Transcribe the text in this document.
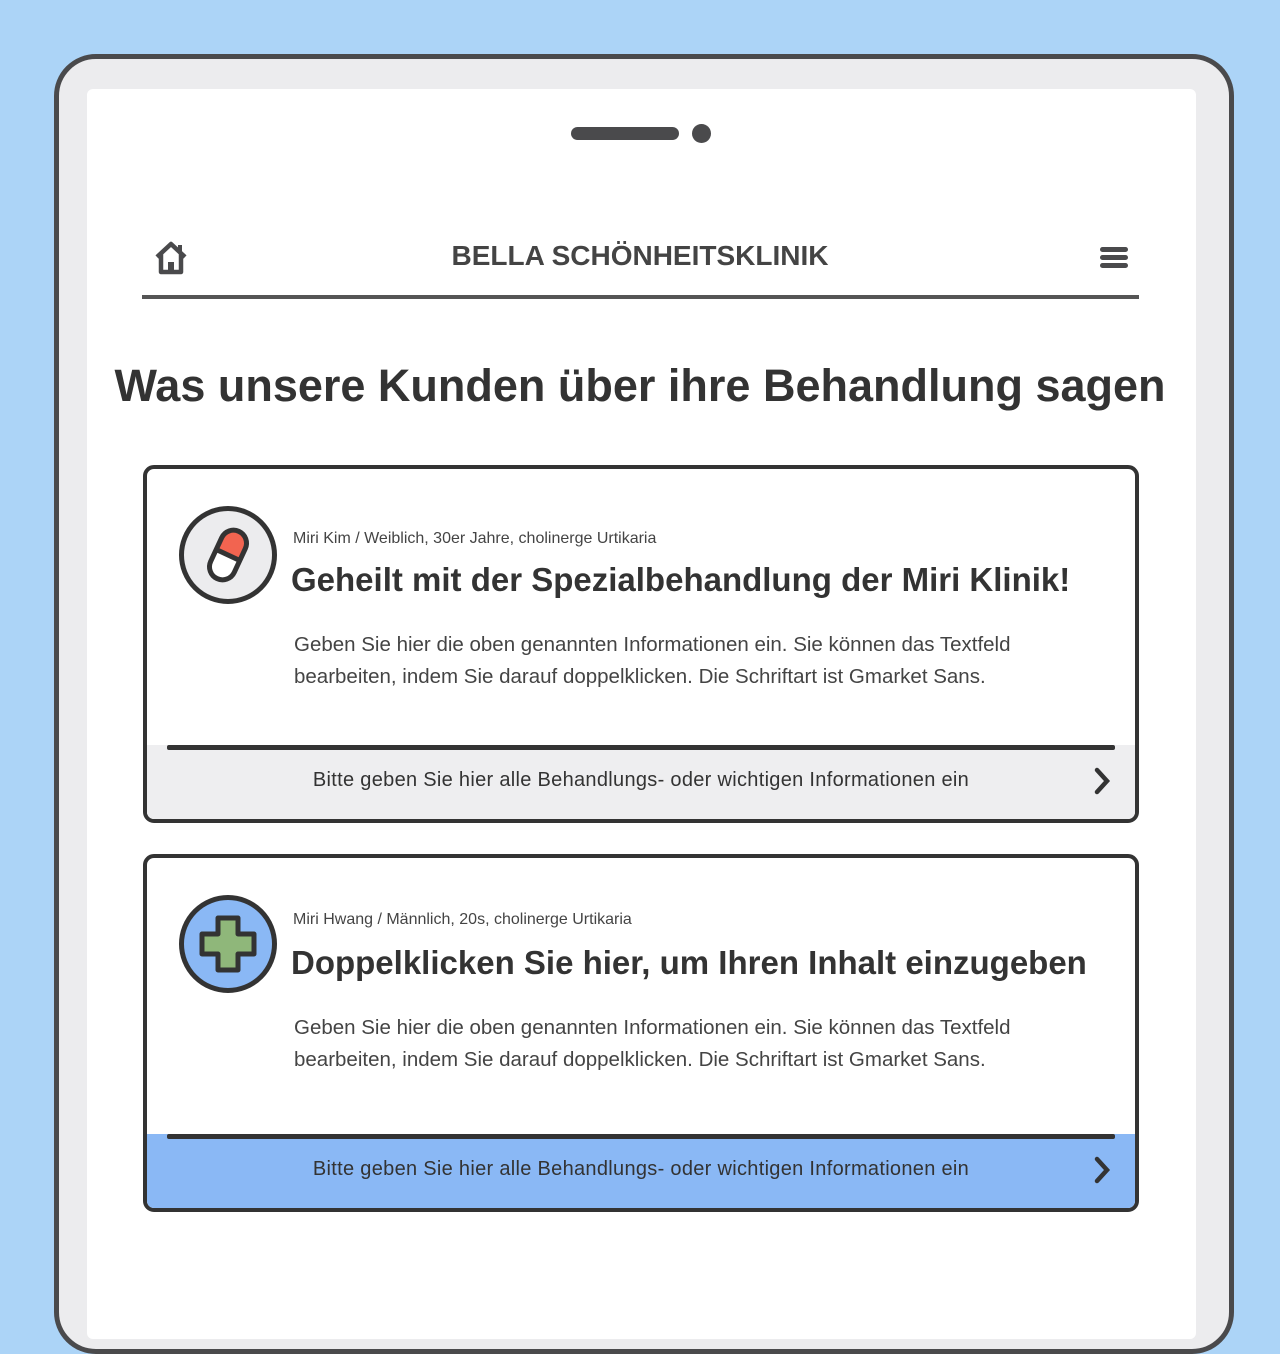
BELLA SCHÖNHEITSKLINIK
Was unsere Kunden über ihre Behandlung sagen
Miri Kim / Weiblich, 30er Jahre, cholinerge Urtikaria
Geheilt mit der Spezialbehandlung der Miri Klinik!
Geben Sie hier die oben genannten Informationen ein. Sie können das Textfeld bearbeiten, indem Sie darauf doppelklicken. Die Schriftart ist Gmarket Sans.
Bitte geben Sie hier alle Behandlungs- oder wichtigen Informationen ein
Miri Hwang / Männlich, 20s, cholinerge Urtikaria
Doppelklicken Sie hier, um Ihren Inhalt einzugeben
Geben Sie hier die oben genannten Informationen ein. Sie können das Textfeld bearbeiten, indem Sie darauf doppelklicken. Die Schriftart ist Gmarket Sans.
Bitte geben Sie hier alle Behandlungs- oder wichtigen Informationen ein
